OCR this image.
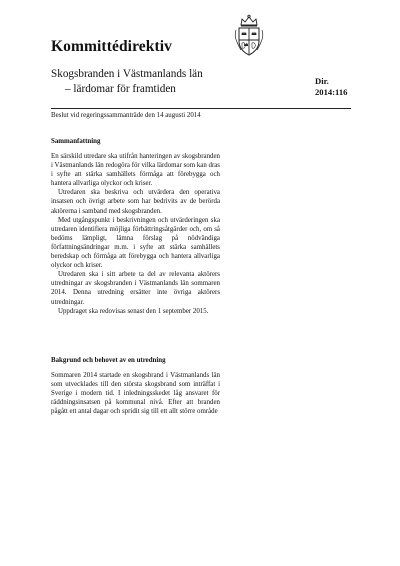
Kommittédirektiv
Skogsbranden i Västmanlands län
– lärdomar för framtiden
Dir.
2014:116
Beslut vid regeringssammanträde den 14 augusti 2014
Sammanfattning

En särskild utredare ska utifrån hanteringen av skogsbranden i Västmanlands län redogöra för vilka lärdomar som kan dras i syfte att stärka samhällets förmåga att förebygga och hantera allvarliga olyckor och kriser.

Utredaren ska beskriva och utvärdera den operativa insatsen och övrigt arbete som har bedrivits av de berörda aktörerna i samband med skogsbranden.

Med utgångspunkt i beskrivningen och utvärderingen ska utredaren identifiera möjliga förbättringsåtgärder och, om så bedöms lämpligt, lämna förslag på nödvändiga författningsändringar m.m. i syfte att stärka samhällets beredskap och förmåga att förebygga och hantera allvarliga olyckor och kriser.

Utredaren ska i sitt arbete ta del av relevanta aktörers utredningar av skogsbranden i Västmanlands län sommaren 2014. Denna utredning ersätter inte övriga aktörers utredningar.

Uppdraget ska redovisas senast den 1 september 2015.

Bakgrund och behovet av en utredning

Sommaren 2014 startade en skogsbrand i Västmanlands län som utvecklades till den största skogsbrand som inträffat i Sverige i modern tid. I inledningsskedet låg ansvaret för räddningsinsatsen på kommunal nivå. Efter att branden pågått ett antal dagar och spridit sig till ett allt större område
